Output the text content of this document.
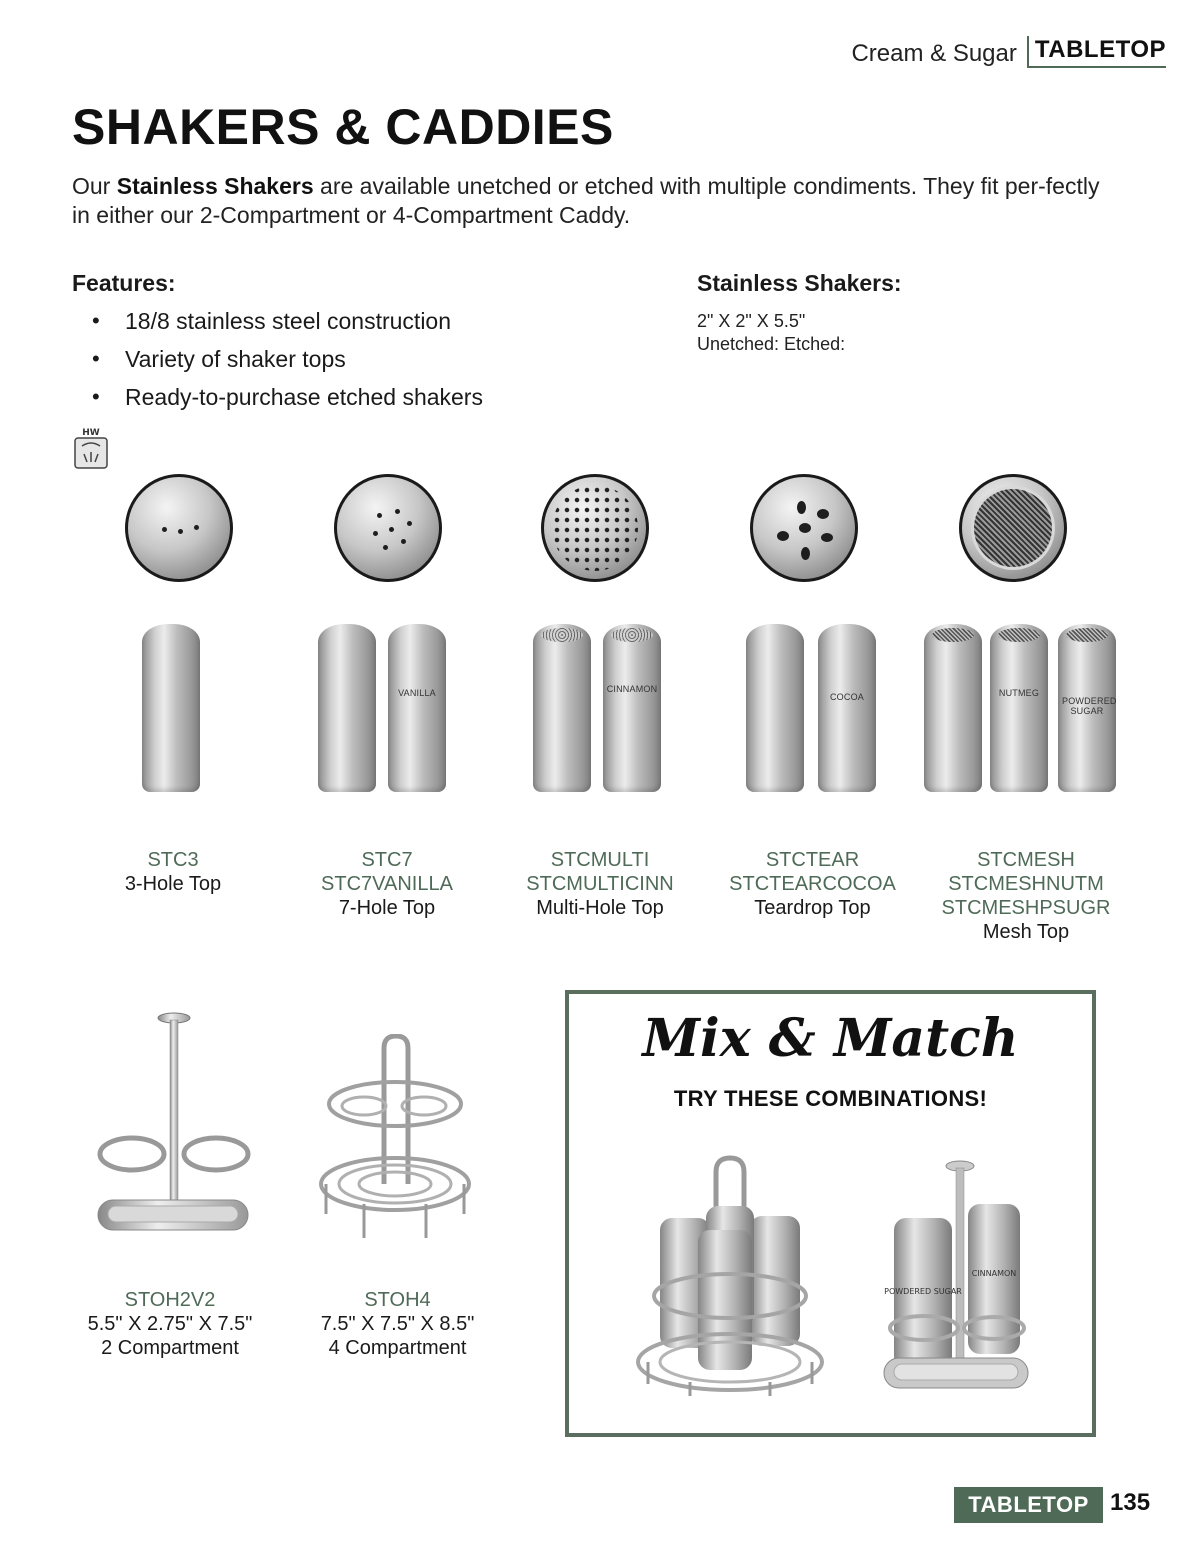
Cream & Sugar TABLETOP
SHAKERS & CADDIES

Our Stainless Shakers are available unetched or etched with multiple condiments. They fit per-fectly in either our 2-Compartment or 4-Compartment Caddy.

Features:
• 18/8 stainless steel construction
• Variety of shaker tops
• Ready-to-purchase etched shakers
Stainless Shakers:
2" X 2" X 5.5"
Unetched: Etched:
HW
VANILLA	CINNAMON
COCOA	NUTMEG
POWDERED SUGAR
STC3
3-Hole Top
STC7
STC7VANILLA
7-Hole Top
STCMULTI
STCMULTICINN
Multi-Hole Top
STCTEAR
STCTEARCOCOA
Teardrop Top
STCMESH
STCMESHNUTM
STCMESHPSUGR
Mesh Top
STOH2V2
5.5" X 2.75" X 7.5"
2 Compartment
STOH4
7.5" X 7.5" X 8.5"
4 Compartment
Mix & Match
TRY THESE COMBINATIONS!
POWDERED SUGAR
CINNAMON
TABLETOP 135
